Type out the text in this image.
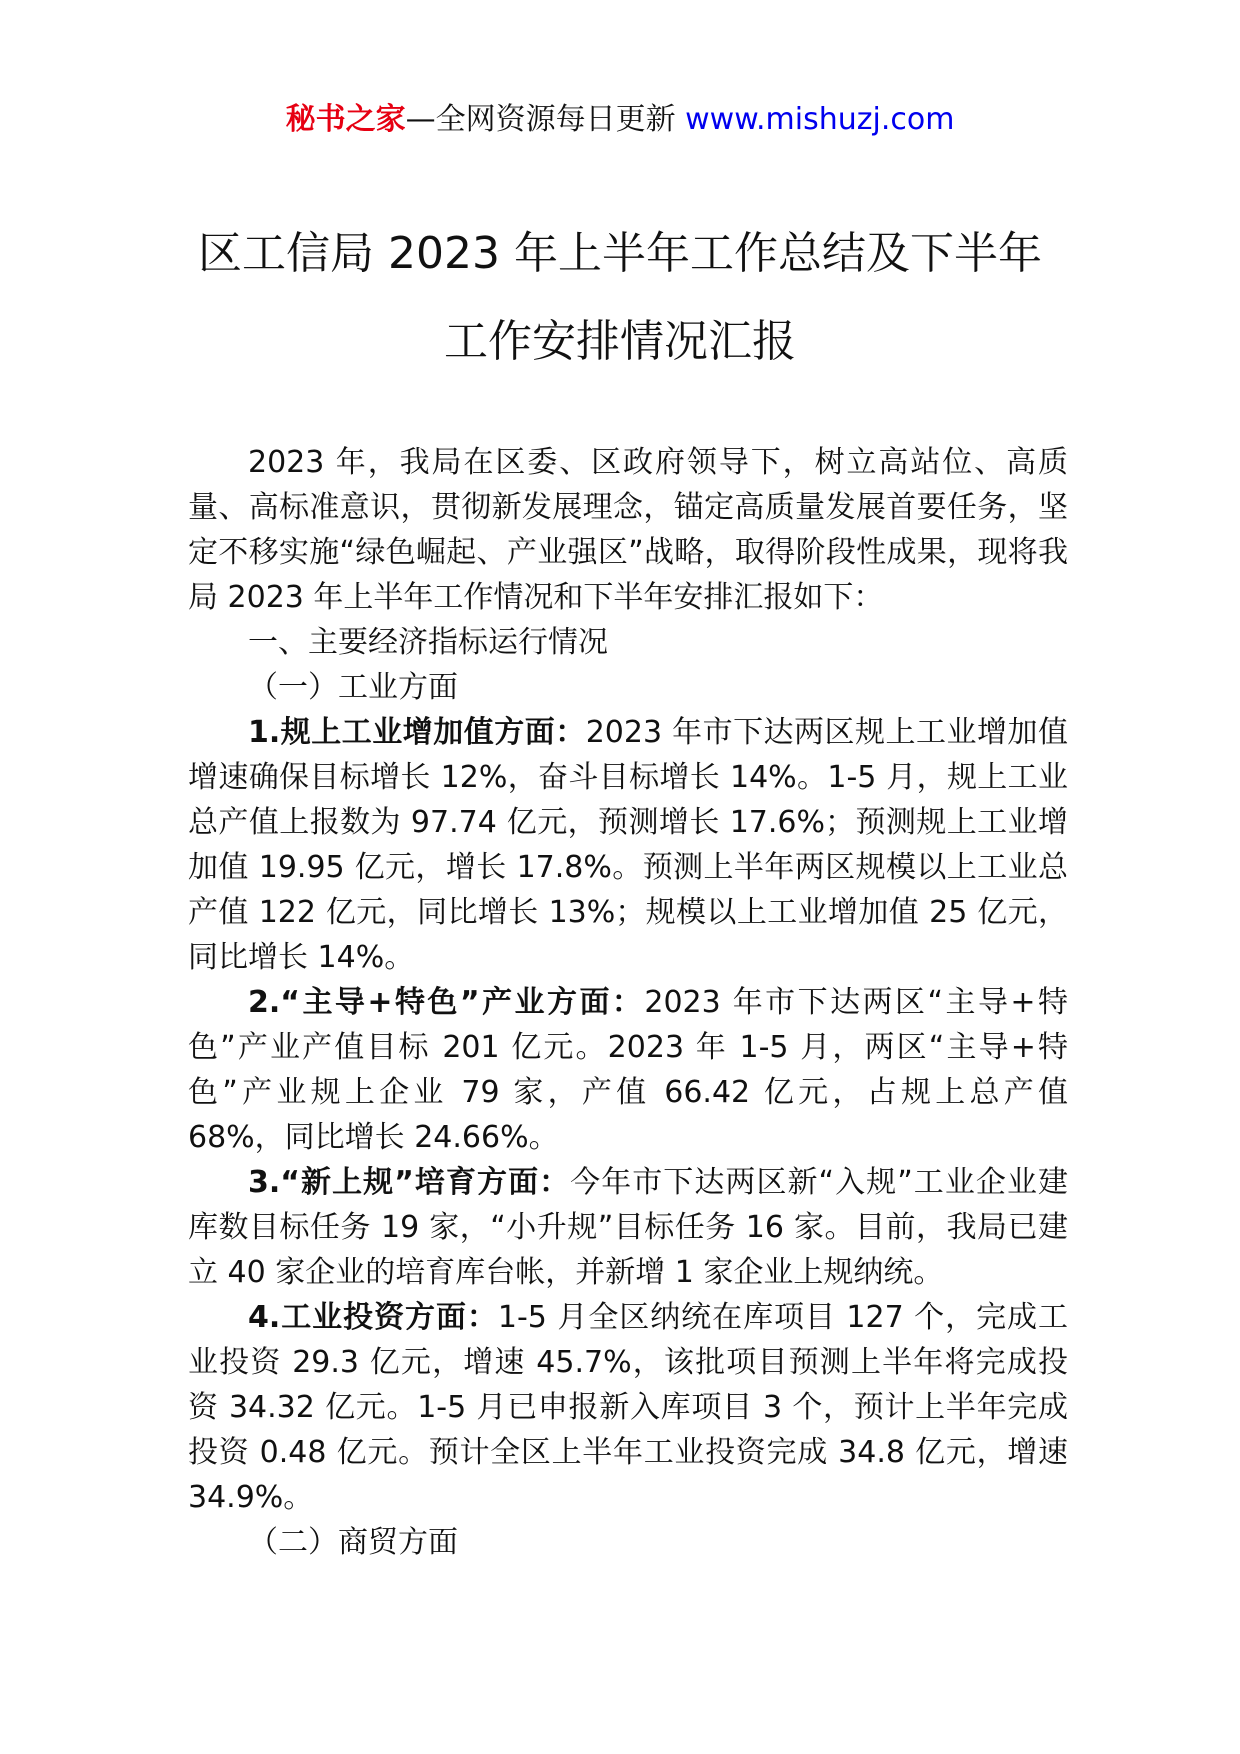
秘书之家—全网资源每日更新 www.mishuzj.com
区工信局 2023 年上半年工作总结及下半年
工作安排情况汇报

2023 年，我局在区委、区政府领导下，树立高站位、高质量、高标准意识，贯彻新发展理念，锚定高质量发展首要任务，坚定不移实施“绿色崛起、产业强区”战略，取得阶段性成果，现将我局 2023 年上半年工作情况和下半年安排汇报如下：

一、主要经济指标运行情况

（一）工业方面

1.规上工业增加值方面：2023 年市下达两区规上工业增加值增速确保目标增长 12%，奋斗目标增长 14%。1-5 月，规上工业总产值上报数为 97.74 亿元，预测增长 17.6%；预测规上工业增加值 19.95 亿元，增长 17.8%。预测上半年两区规模以上工业总产值 122 亿元，同比增长 13%；规模以上工业增加值 25 亿元，同比增长 14%。

2.“主导+特色”产业方面：2023 年市下达两区“主导+特色”产业产值目标 201 亿元。2023 年 1-5 月，两区“主导+特色”产业规上企业 79 家，产值 66.42 亿元，占规上总产值 68%，同比增长 24.66%。

3.“新上规”培育方面：今年市下达两区新“入规”工业企业建库数目标任务 19 家，“小升规”目标任务 16 家。目前，我局已建立 40 家企业的培育库台帐，并新增 1 家企业上规纳统。

4.工业投资方面：1-5 月全区纳统在库项目 127 个，完成工业投资 29.3 亿元，增速 45.7%，该批项目预测上半年将完成投资 34.32 亿元。1-5 月已申报新入库项目 3 个，预计上半年完成投资 0.48 亿元。预计全区上半年工业投资完成 34.8 亿元，增速 34.9%。

（二）商贸方面
